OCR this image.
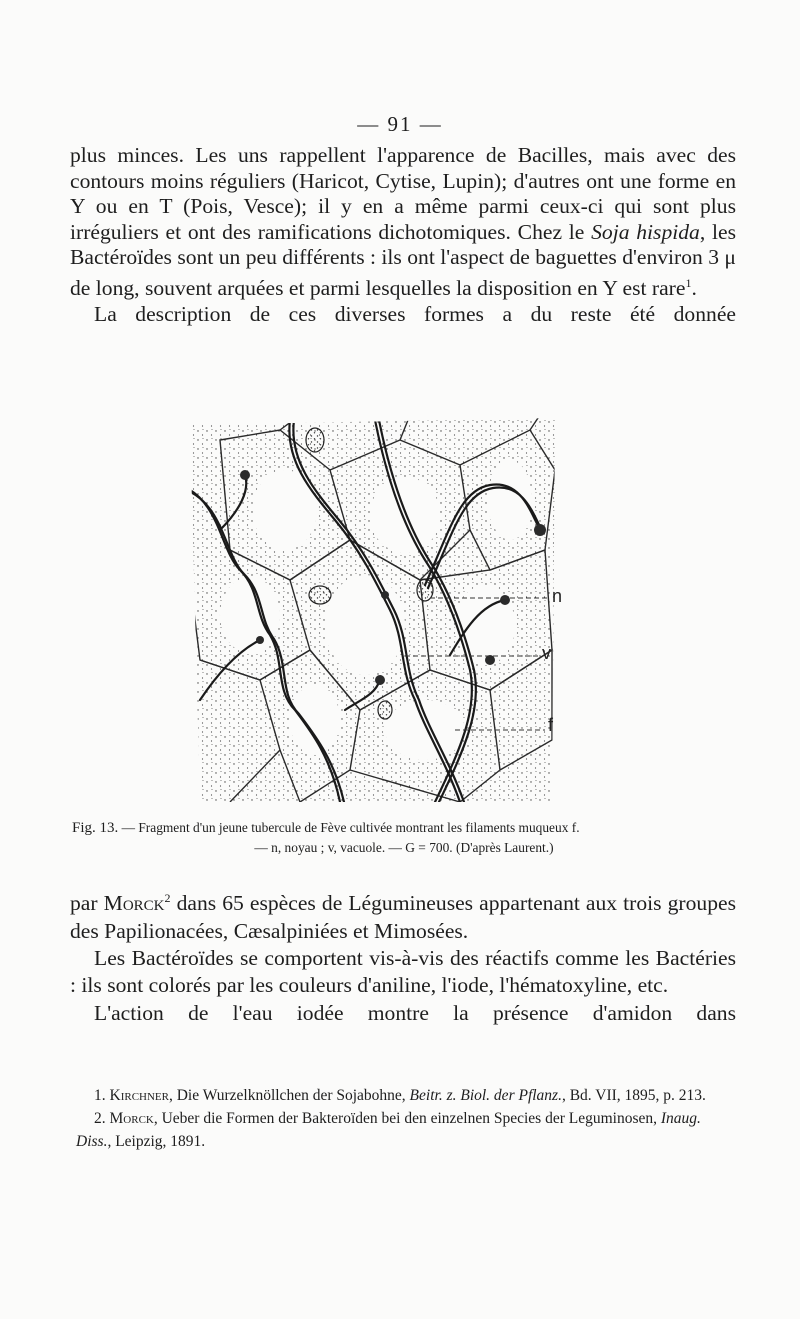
— 91 —

plus minces. Les uns rappellent l'apparence de Bacilles, mais avec des contours moins réguliers (Haricot, Cytise, Lupin); d'autres ont une forme en Y ou en T (Pois, Vesce); il y en a même parmi ceux-ci qui sont plus irréguliers et ont des ramifications dichotomiques. Chez le Soja hispida, les Bactéroïdes sont un peu différents : ils ont l'aspect de baguettes d'environ 3 μ de long, souvent arquées et parmi lesquelles la disposition en Y est rare$^1$.

La description de ces diverses formes a du reste été donnée

n
v
f
Fig. 13. — Fragment d'un jeune tubercule de Fève cultivée montrant les filaments muqueux f.
— n, noyau ; v, vacuole. — G = 700. (D'après Laurent.)

par Morck$^2$ dans 65 espèces de Légumineuses appartenant aux trois groupes des Papilionacées, Cæsalpiniées et Mimosées.

Les Bactéroïdes se comportent vis-à-vis des réactifs comme les Bactéries : ils sont colorés par les couleurs d'aniline, l'iode, l'hématoxyline, etc.

L'action de l'eau iodée montre la présence d'amidon dans

1. Kirchner, Die Wurzelknöllchen der Sojabohne, Beitr. z. Biol. der Pflanz., Bd. VII, 1895, p. 213.

2. Morck, Ueber die Formen der Bakteroïden bei den einzelnen Species der Leguminosen, Inaug. Diss., Leipzig, 1891.
